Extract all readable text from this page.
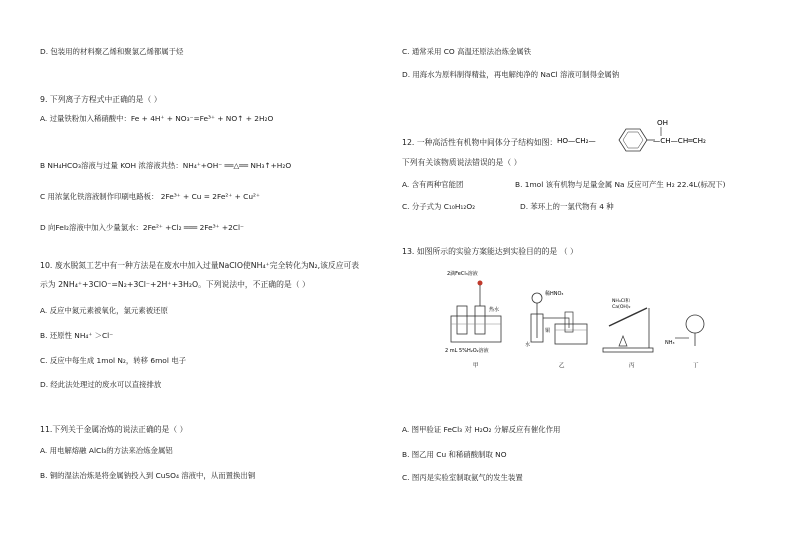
D. 包装用的材料聚乙烯和聚氯乙烯都属于烃
9. 下列离子方程式中正确的是（ ）
A. 过量铁粉加入稀硝酸中：Fe + 4H⁺ + NO₃⁻=Fe³⁺ + NO↑ + 2H₂O
B NH₄HCO₃溶液与过量 KOH 浓溶液共热：NH₄⁺+OH⁻ ══△══ NH₃↑+H₂O
C 用浓氯化铁溶液制作印刷电路板： 2Fe³⁺ + Cu = 2Fe²⁺ + Cu²⁺
D 向FeI₂溶液中加入少量氯水：2Fe²⁺ +Cl₂ ═══ 2Fe³⁺ +2Cl⁻
10. 废水脱氮工艺中有一种方法是在废水中加入过量NaClO使NH₄⁺完全转化为N₂,该反应可表
示为 2NH₄⁺+3ClO⁻=N₂+3Cl⁻+2H⁺+3H₂O。下列说法中，不正确的是（ ）
A. 反应中氮元素被氧化，氯元素被还原
B. 还原性 NH₄⁺ ＞Cl⁻
C. 反应中每生成 1mol N₂，转移 6mol 电子
D. 经此法处理过的废水可以直接排放
11.下列关于金属冶炼的说法正确的是（ ）
A. 用电解熔融 AlCl₃的方法来冶炼金属铝
B. 铜的湿法冶炼是将金属钠投入到 CuSO₄ 溶液中，从而置换出铜
C. 通常采用 CO 高温还原法冶炼金属铁
D. 用海水为原料制得精盐，再电解纯净的 NaCl 溶液可制得金属钠
12. 一种高活性有机物中间体分子结构如图： HO—CH₂—
OH
—CH—CH═CH₂
下列有关该物质说法错误的是（ ）
A. 含有两种官能团	B. 1mol 该有机物与足量金属 Na 反应可产生 H₂ 22.4L(标况下)
C. 分子式为 C₁₀H₁₂O₂	D. 苯环上的一氯代物有 4 种
13. 如图所示的实验方案能达到实验目的的是 （ ）
2滴FeCl₃溶液
热水
2 mL 5%H₂O₂溶液
甲
稀HNO₃
铜
水
乙
NH₄Cl和 Ca(OH)₂
丙
NH₃
丁
A. 图甲验证 FeCl₃ 对 H₂O₂ 分解反应有催化作用
B. 图乙用 Cu 和稀硝酸制取 NO
C. 图丙是实验室制取氨气的发生装置
